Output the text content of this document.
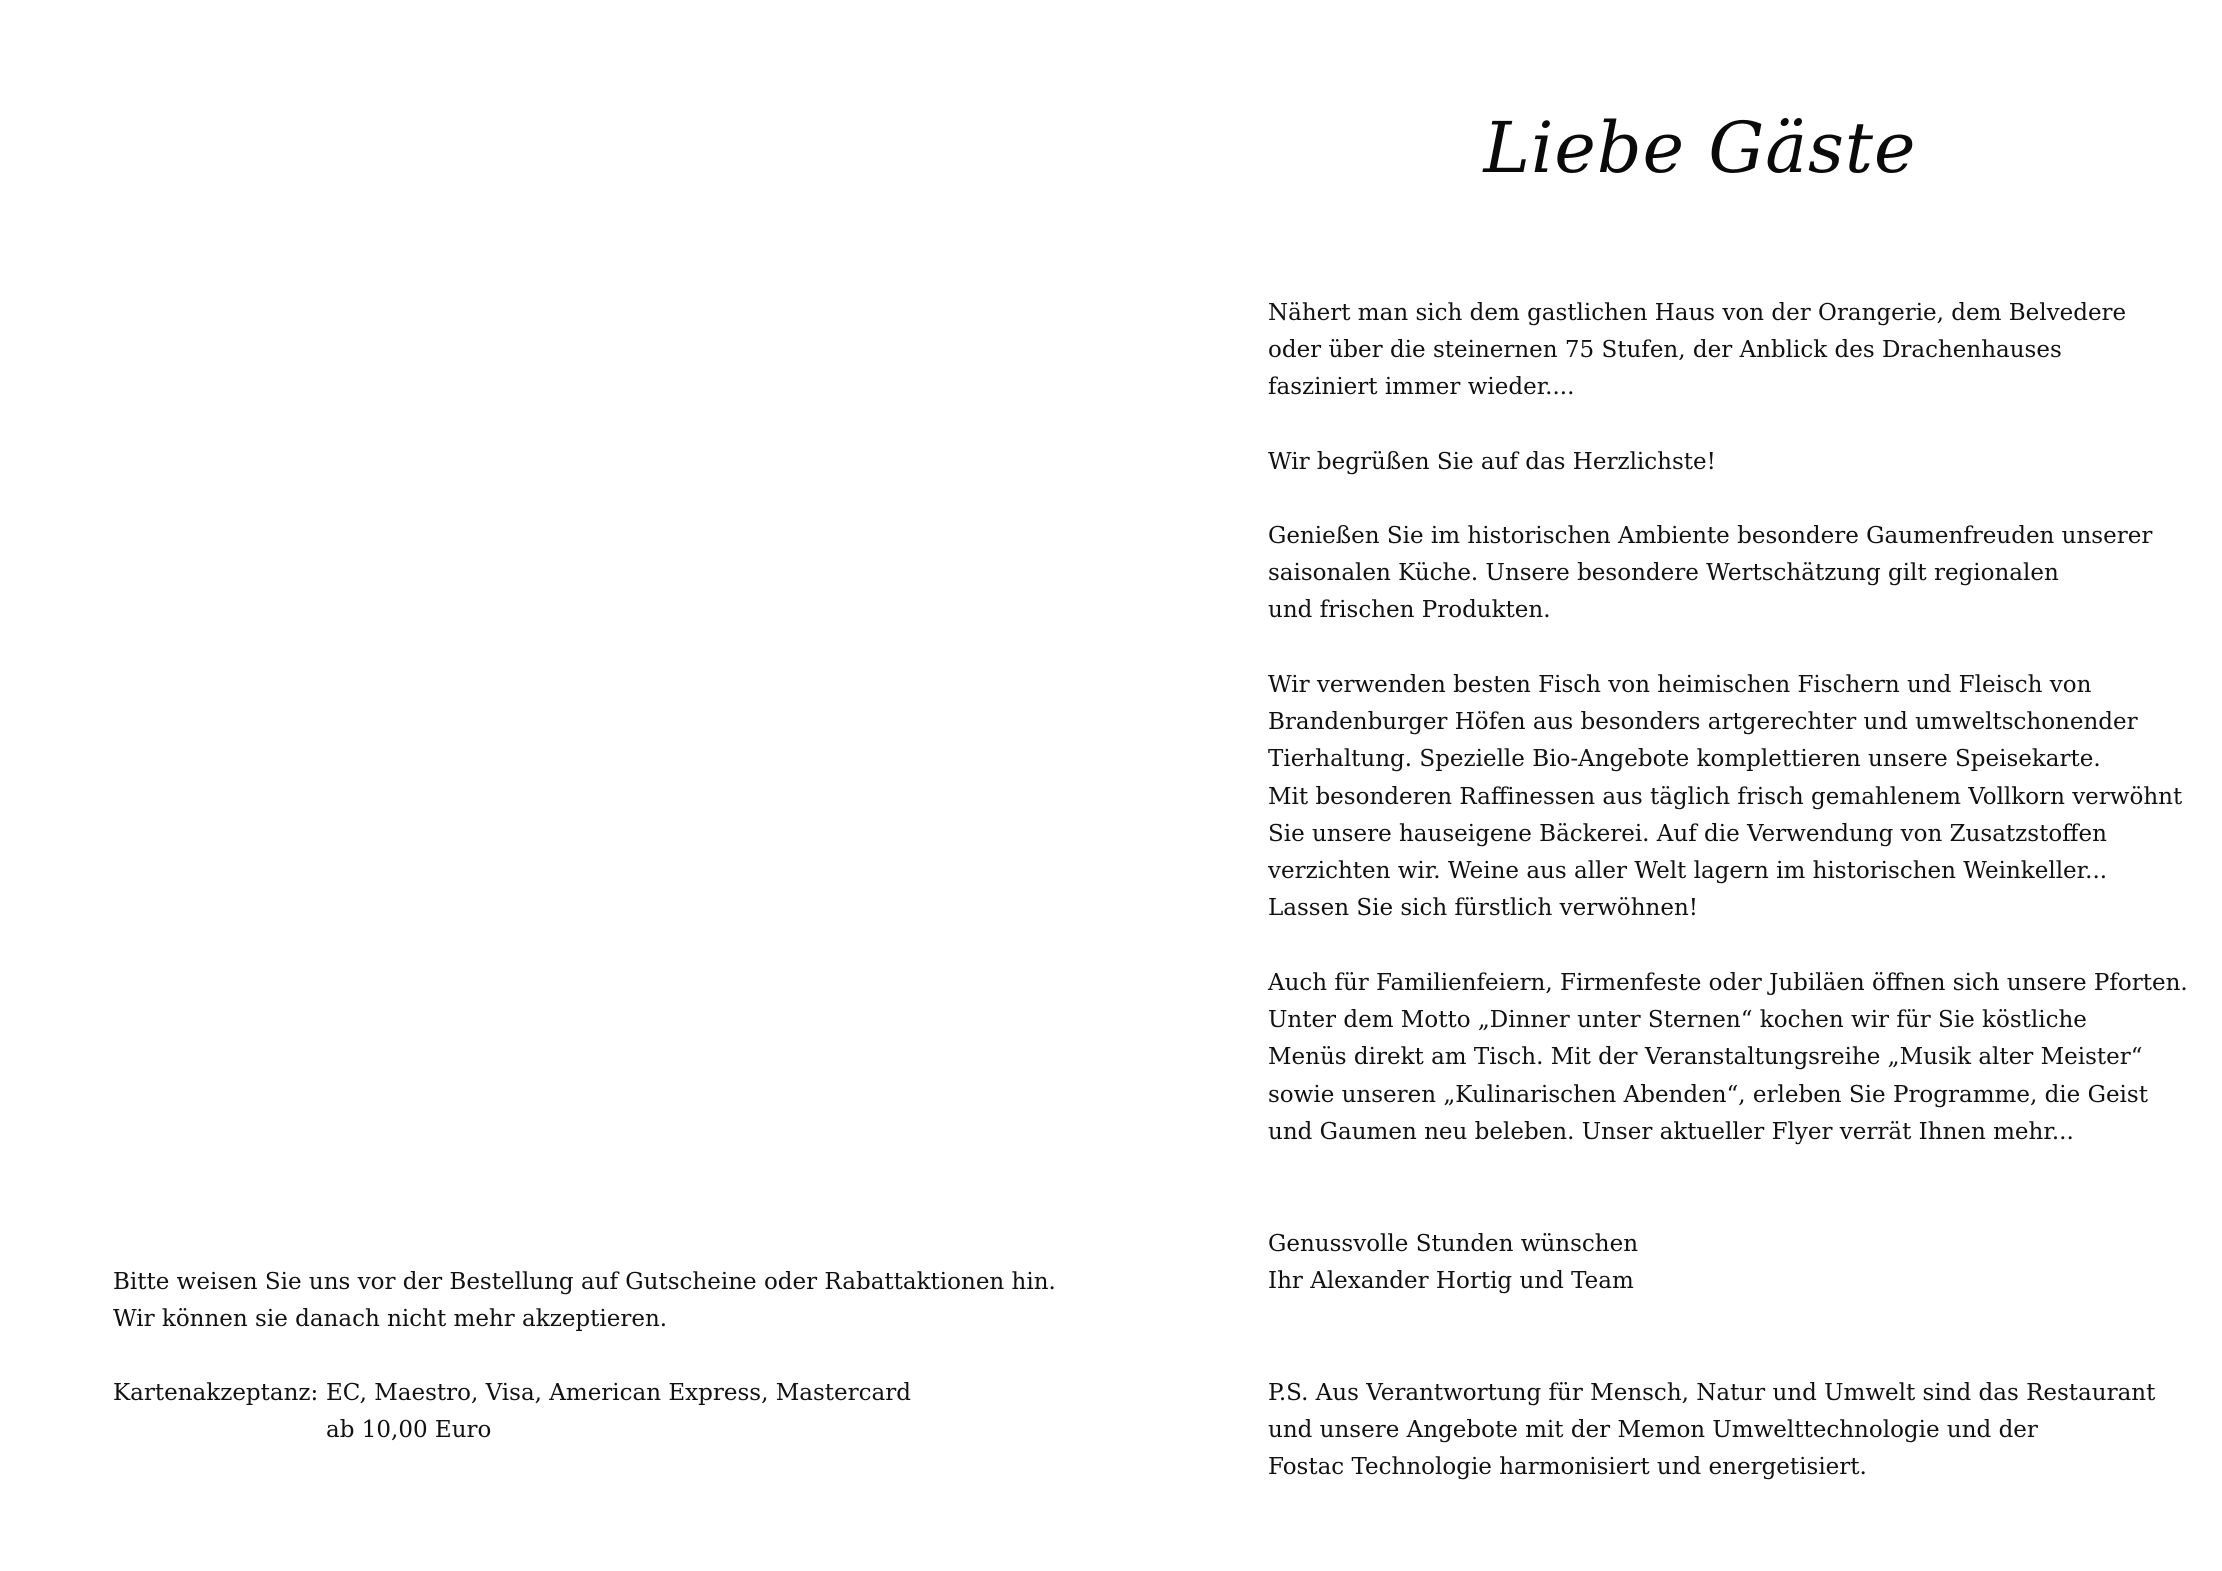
Liebe Gäste
Nähert man sich dem gastlichen Haus von der Orangerie, dem Belvedere
oder über die steinernen 75 Stufen, der Anblick des Drachenhauses
fasziniert immer wieder....
Wir begrüßen Sie auf das Herzlichste!
Genießen Sie im historischen Ambiente besondere Gaumenfreuden unserer
saisonalen Küche. Unsere besondere Wertschätzung gilt regionalen
und frischen Produkten.
Wir verwenden besten Fisch von heimischen Fischern und Fleisch von
Brandenburger Höfen aus besonders artgerechter und umweltschonender
Tierhaltung. Spezielle Bio-Angebote komplettieren unsere Speisekarte.
Mit besonderen Raffinessen aus täglich frisch gemahlenem Vollkorn verwöhnt
Sie unsere hauseigene Bäckerei. Auf die Verwendung von Zusatzstoffen
verzichten wir. Weine aus aller Welt lagern im historischen Weinkeller...
Lassen Sie sich fürstlich verwöhnen!
Auch für Familienfeiern, Firmenfeste oder Jubiläen öffnen sich unsere Pforten.
Unter dem Motto „Dinner unter Sternen“ kochen wir für Sie köstliche
Menüs direkt am Tisch. Mit der Veranstaltungsreihe „Musik alter Meister“
sowie unseren „Kulinarischen Abenden“, erleben Sie Programme, die Geist
und Gaumen neu beleben. Unser aktueller Flyer verrät Ihnen mehr...
Genussvolle Stunden wünschen
Ihr Alexander Hortig und Team
P.S. Aus Verantwortung für Mensch, Natur und Umwelt sind das Restaurant
und unsere Angebote mit der Memon Umwelttechnologie und der
Fostac Technologie harmonisiert und energetisiert.
Bitte weisen Sie uns vor der Bestellung auf Gutscheine oder Rabattaktionen hin.
Wir können sie danach nicht mehr akzeptieren.
Kartenakzeptanz: EC, Maestro, Visa, American Express, Mastercard
ab 10,00 Euro
